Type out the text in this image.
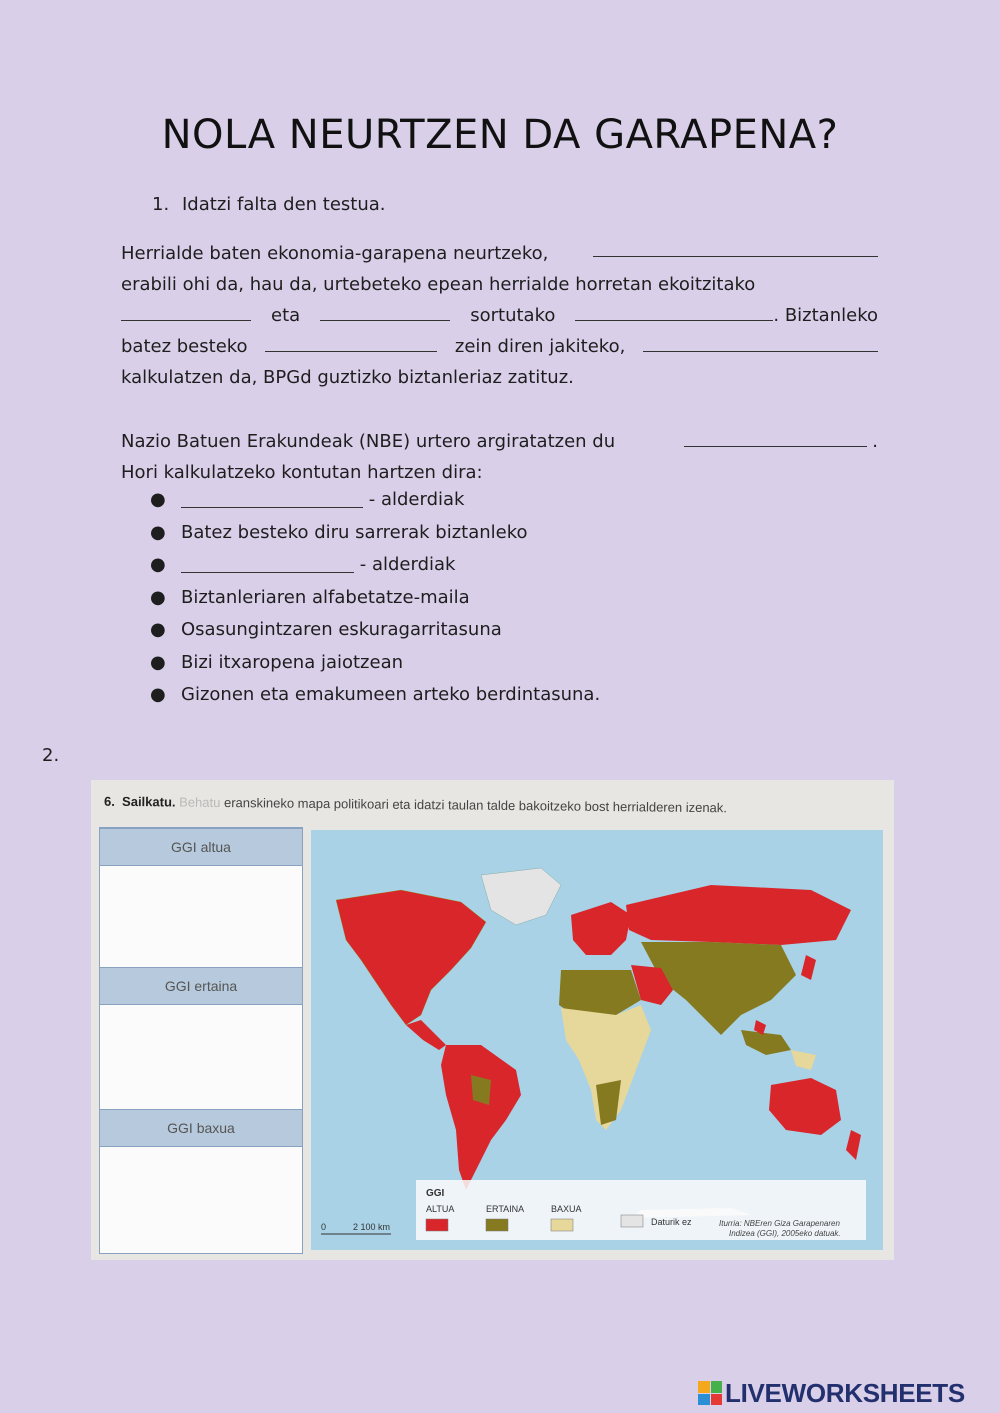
NOLA NEURTZEN DA GARAPENA?
1. Idatzi falta den testua.
Herrialde baten ekonomia-garapena neurtzeko,
erabili ohi da, hau da, urtebeteko epean herrialde horretan ekoitzitako
eta	sortutako	. Biztanleko
batez besteko	zein diren jakiteko,
kalkulatzen da, BPGd guztizko biztanleriaz zatituz.
Nazio Batuen Erakundeak (NBE) urtero argiratatzen du	.
Hori kalkulatzeko kontutan hartzen dira:
●
	- alderdiak
● Batez besteko diru sarrerak biztanleko
●
	- alderdiak
● Biztanleriaren alfabetatze-maila
● Osasungintzaren eskuragarritasuna
● Bizi itxaropena jaiotzean
● Gizonen eta emakumeen arteko berdintasuna.
2.
6. Sailkatu. Behatu eranskineko mapa politikoari eta idatzi taulan talde bakoitzeko bost herrialderen izenak.
GGI altua
GGI ertaina
GGI baxua
GGI
ALTUA	ERTAINA	BAXUA
Daturik ez
0	2 100 km	Iturria: NBEren Giza Garapenaren
Indizea (GGI), 2005eko datuak.
LIVEWORKSHEETS
